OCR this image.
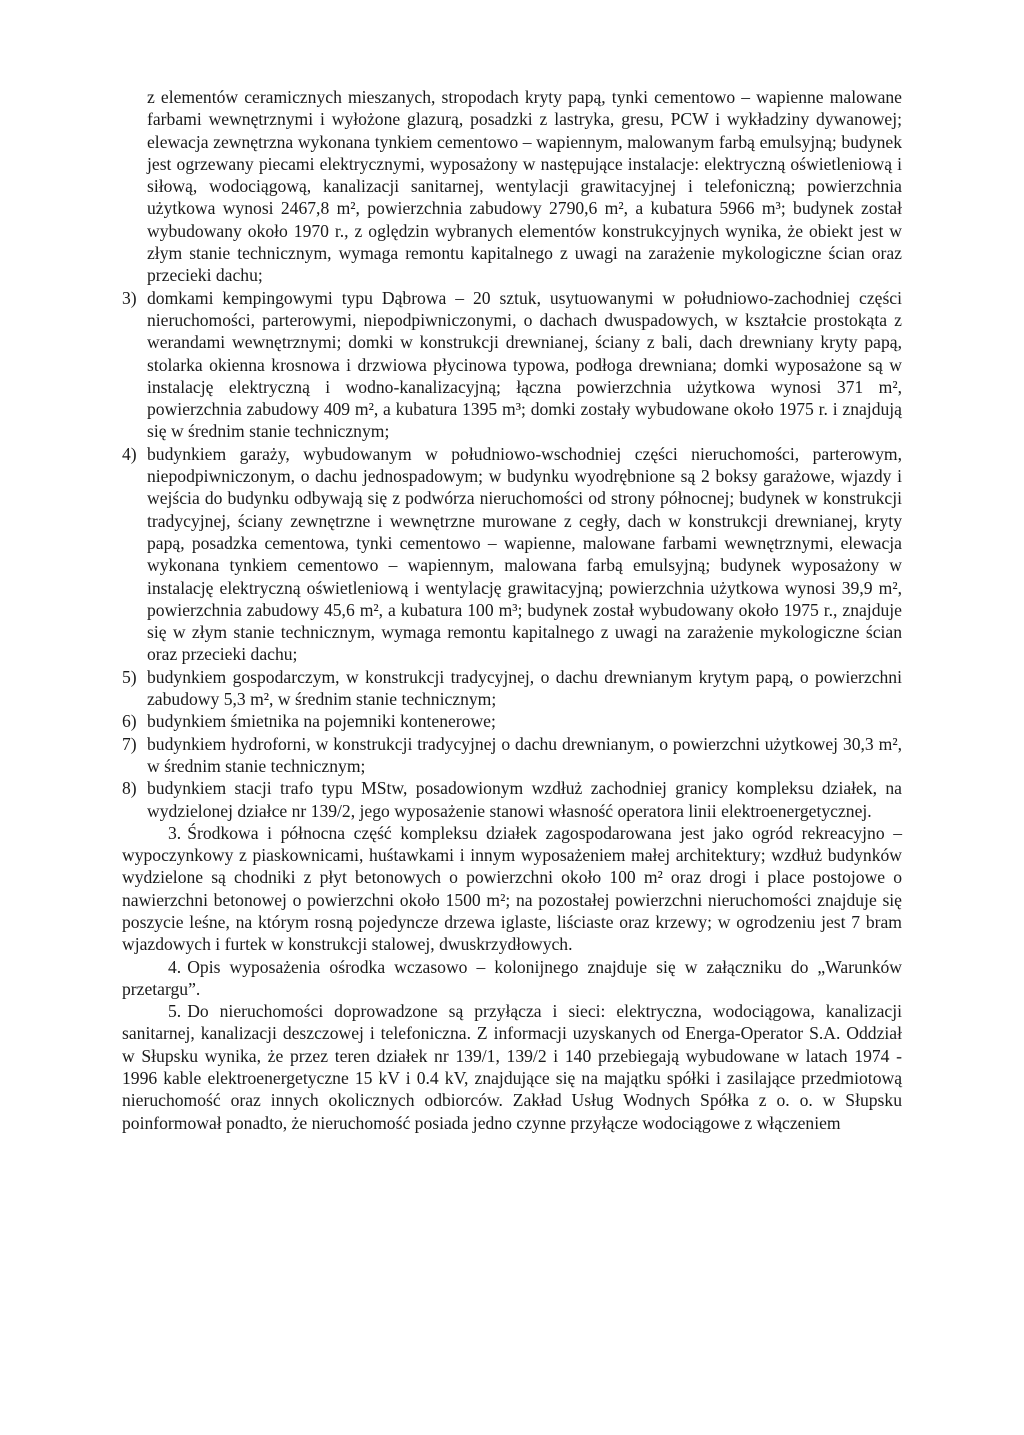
z elementów ceramicznych mieszanych, stropodach kryty papą, tynki cementowo – wapienne malowane farbami wewnętrznymi i wyłożone glazurą, posadzki z lastryka, gresu, PCW i wykładziny dywanowej; elewacja zewnętrzna wykonana tynkiem cementowo – wapiennym, malowanym farbą emulsyjną; budynek jest ogrzewany piecami elektrycznymi, wyposażony w następujące instalacje: elektryczną oświetleniową i siłową, wodociągową, kanalizacji sanitarnej, wentylacji grawitacyjnej i telefoniczną; powierzchnia użytkowa wynosi 2467,8 m², powierzchnia zabudowy 2790,6 m², a kubatura 5966 m³; budynek został wybudowany około 1970 r., z oględzin wybranych elementów konstrukcyjnych wynika, że obiekt jest w złym stanie technicznym, wymaga remontu kapitalnego z uwagi na zarażenie mykologiczne ścian oraz przecieki dachu;

3) domkami kempingowymi typu Dąbrowa – 20 sztuk, usytuowanymi w południowo-zachodniej części nieruchomości, parterowymi, niepodpiwniczonymi, o dachach dwuspadowych, w kształcie prostokąta z werandami wewnętrznymi; domki w konstrukcji drewnianej, ściany z bali, dach drewniany kryty papą, stolarka okienna krosnowa i drzwiowa płycinowa typowa, podłoga drewniana; domki wyposażone są w instalację elektryczną i wodno-kanalizacyjną; łączna powierzchnia użytkowa wynosi 371 m², powierzchnia zabudowy 409 m², a kubatura 1395 m³; domki zostały wybudowane około 1975 r. i znajdują się w średnim stanie technicznym;

4) budynkiem garaży, wybudowanym w południowo-wschodniej części nieruchomości, parterowym, niepodpiwniczonym, o dachu jednospadowym; w budynku wyodrębnione są 2 boksy garażowe, wjazdy i wejścia do budynku odbywają się z podwórza nieruchomości od strony północnej; budynek w konstrukcji tradycyjnej, ściany zewnętrzne i wewnętrzne murowane z cegły, dach w konstrukcji drewnianej, kryty papą, posadzka cementowa, tynki cementowo – wapienne, malowane farbami wewnętrznymi, elewacja wykonana tynkiem cementowo – wapiennym, malowana farbą emulsyjną; budynek wyposażony w instalację elektryczną oświetleniową i wentylację grawitacyjną; powierzchnia użytkowa wynosi 39,9 m², powierzchnia zabudowy 45,6 m², a kubatura 100 m³; budynek został wybudowany około 1975 r., znajduje się w złym stanie technicznym, wymaga remontu kapitalnego z uwagi na zarażenie mykologiczne ścian oraz przecieki dachu;

5) budynkiem gospodarczym, w konstrukcji tradycyjnej, o dachu drewnianym krytym papą, o powierzchni zabudowy 5,3 m², w średnim stanie technicznym;

6) budynkiem śmietnika na pojemniki kontenerowe;

7) budynkiem hydroforni, w konstrukcji tradycyjnej o dachu drewnianym, o powierzchni użytkowej 30,3 m², w średnim stanie technicznym;

8) budynkiem stacji trafo typu MStw, posadowionym wzdłuż zachodniej granicy kompleksu działek, na wydzielonej działce nr 139/2, jego wyposażenie stanowi własność operatora linii elektroenergetycznej.

3. Środkowa i północna część kompleksu działek zagospodarowana jest jako ogród rekreacyjno – wypoczynkowy z piaskownicami, huśtawkami i innym wyposażeniem małej architektury; wzdłuż budynków wydzielone są chodniki z płyt betonowych o powierzchni około 100 m² oraz drogi i place postojowe o nawierzchni betonowej o powierzchni około 1500 m²; na pozostałej powierzchni nieruchomości znajduje się poszycie leśne, na którym rosną pojedyncze drzewa iglaste, liściaste oraz krzewy; w ogrodzeniu jest 7 bram wjazdowych i furtek w konstrukcji stalowej, dwuskrzydłowych.

4. Opis wyposażenia ośrodka wczasowo – kolonijnego znajduje się w załączniku do „Warunków przetargu”.

5. Do nieruchomości doprowadzone są przyłącza i sieci: elektryczna, wodociągowa, kanalizacji sanitarnej, kanalizacji deszczowej i telefoniczna. Z informacji uzyskanych od Energa-Operator S.A. Oddział w Słupsku wynika, że przez teren działek nr 139/1, 139/2 i 140 przebiegają wybudowane w latach 1974 - 1996 kable elektroenergetyczne 15 kV i 0.4 kV, znajdujące się na majątku spółki i zasilające przedmiotową nieruchomość oraz innych okolicznych odbiorców. Zakład Usług Wodnych Spółka z o. o. w Słupsku poinformował ponadto, że nieruchomość posiada jedno czynne przyłącze wodociągowe z włączeniem
